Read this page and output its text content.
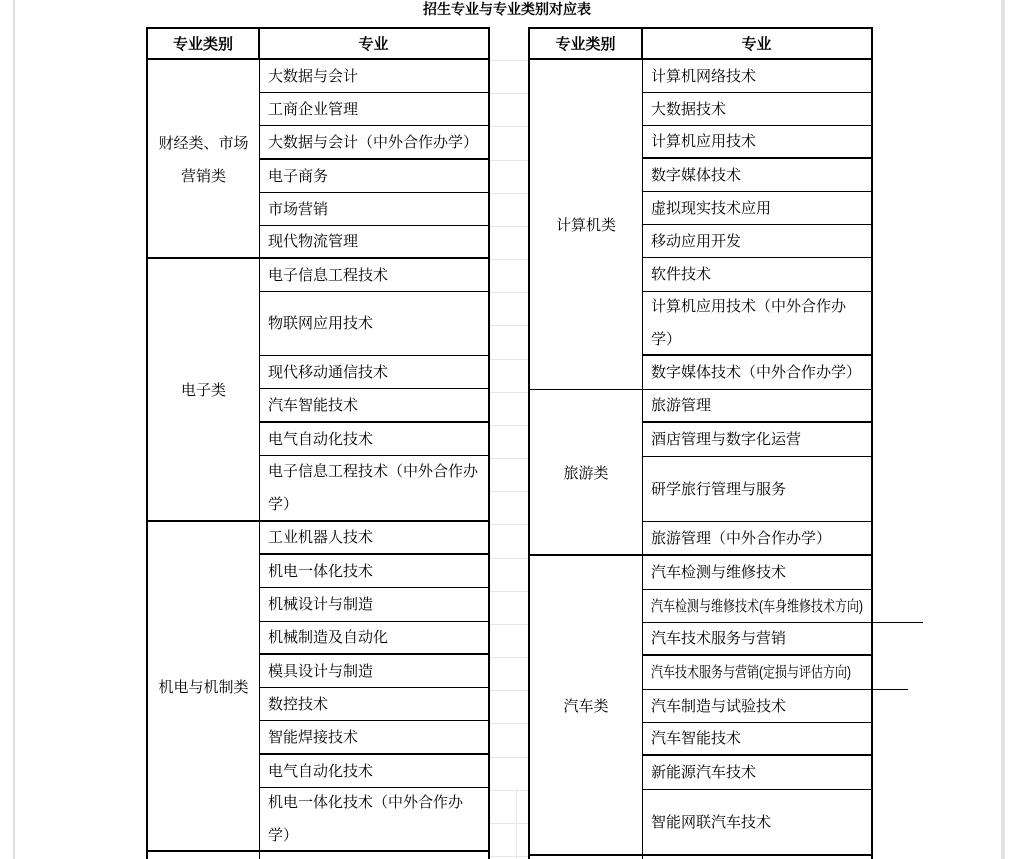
招生专业与专业类别对应表
专业类别	专业
大数据与会计
工商企业管理
大数据与会计（中外合作办学）
电子商务
市场营销
现代物流管理
财经类、市场营销类
电子信息工程技术
物联网应用技术
现代移动通信技术
汽车智能技术
电气自动化技术
电子信息工程技术（中外合作办学）
电子类
工业机器人技术
机电一体化技术
机械设计与制造
机械制造及自动化
模具设计与制造
数控技术
智能焊接技术
电气自动化技术
机电一体化技术（中外合作办学）
机电与机制类
专业类别	专业
计算机网络技术
大数据技术
计算机应用技术
数字媒体技术
虚拟现实技术应用
移动应用开发
软件技术
计算机应用技术（中外合作办学）
数字媒体技术（中外合作办学）
计算机类
旅游管理
酒店管理与数字化运营
研学旅行管理与服务
旅游管理（中外合作办学）
旅游类
汽车检测与维修技术
汽车检测与维修技术(车身维修技术方向)
汽车技术服务与营销
汽车技术服务与营销(定损与评估方向)
汽车制造与试验技术
汽车智能技术
新能源汽车技术
智能网联汽车技术
汽车类
